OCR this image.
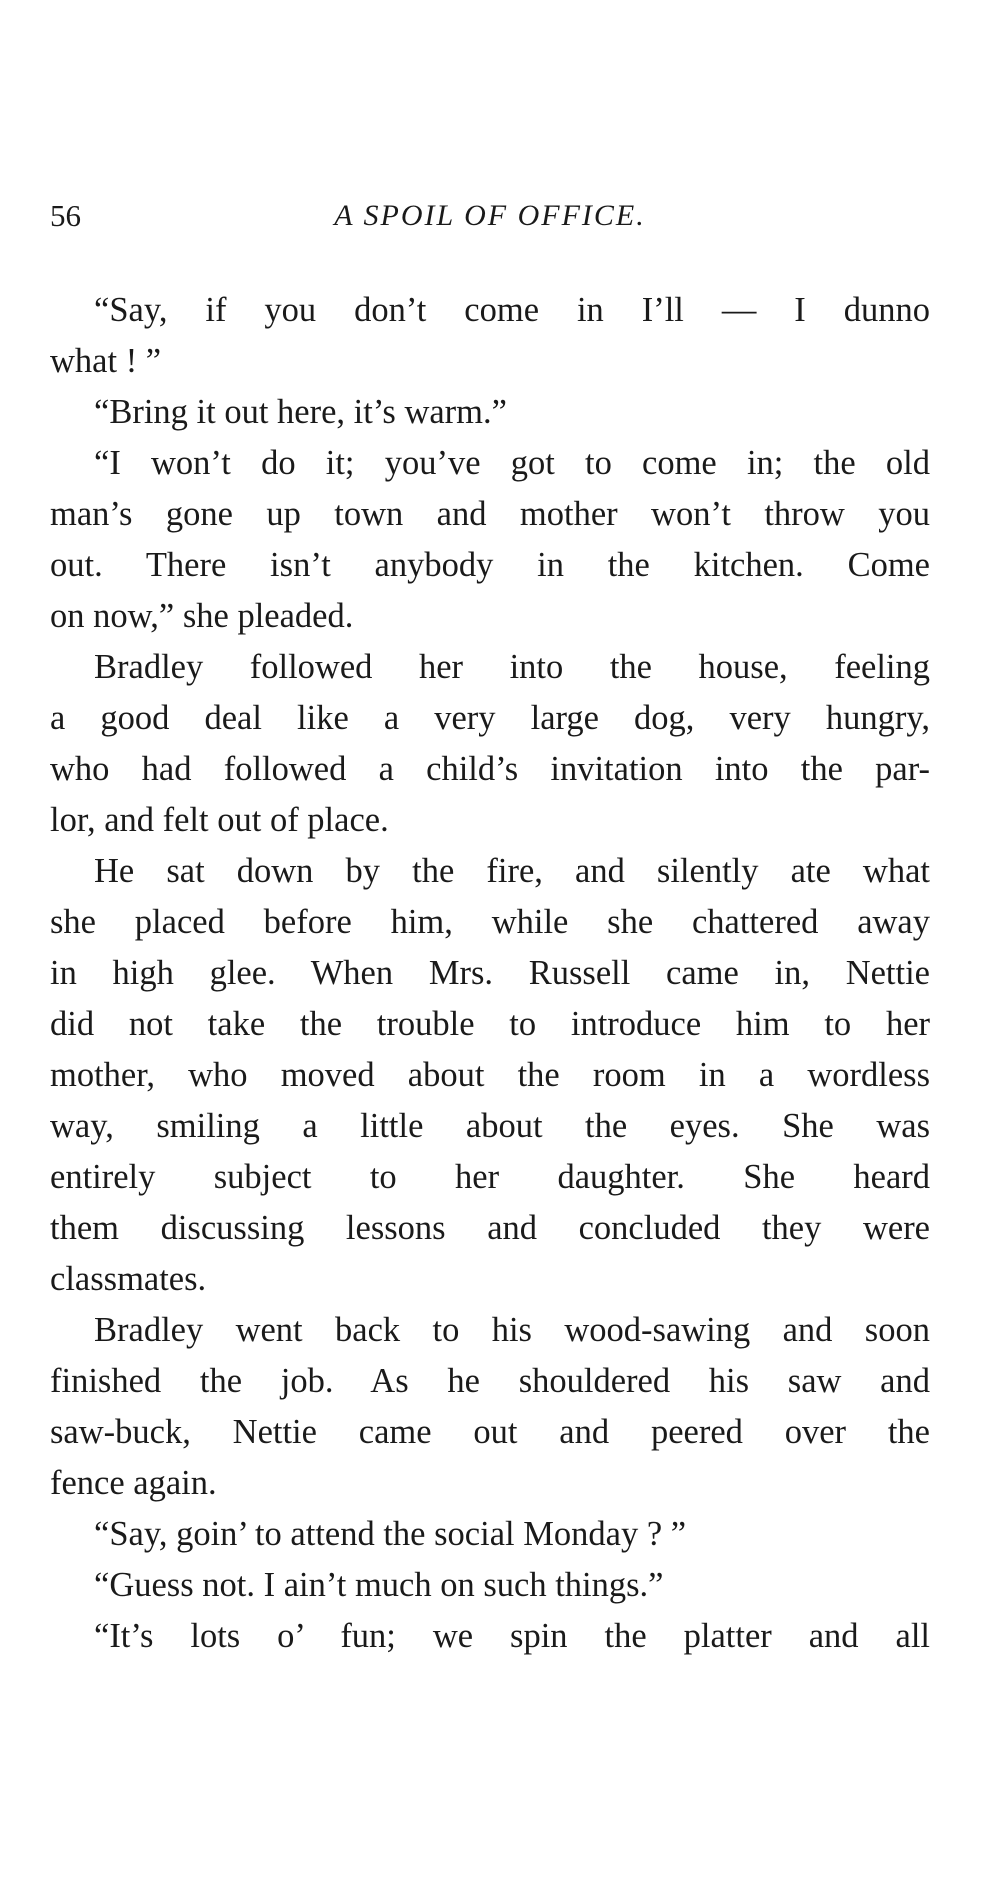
56	A SPOIL OF OFFICE.
“Say, if you don’t come in I’ll — I dunno
what ! ”
“Bring it out here, it’s warm.”
“I won’t do it; you’ve got to come in; the old
man’s gone up town and mother won’t throw you
out. There isn’t anybody in the kitchen. Come
on now,” she pleaded.
Bradley followed her into the house, feeling
a good deal like a very large dog, very hungry,
who had followed a child’s invitation into the par-
lor, and felt out of place.
He sat down by the fire, and silently ate what
she placed before him, while she chattered away
in high glee. When Mrs. Russell came in, Nettie
did not take the trouble to introduce him to her
mother, who moved about the room in a wordless
way, smiling a little about the eyes. She was
entirely subject to her daughter. She heard
them discussing lessons and concluded they were
classmates.
Bradley went back to his wood-sawing and soon
finished the job. As he shouldered his saw and
saw-buck, Nettie came out and peered over the
fence again.
“Say, goin’ to attend the social Monday ? ”
“Guess not. I ain’t much on such things.”
“It’s lots o’ fun; we spin the platter and all
